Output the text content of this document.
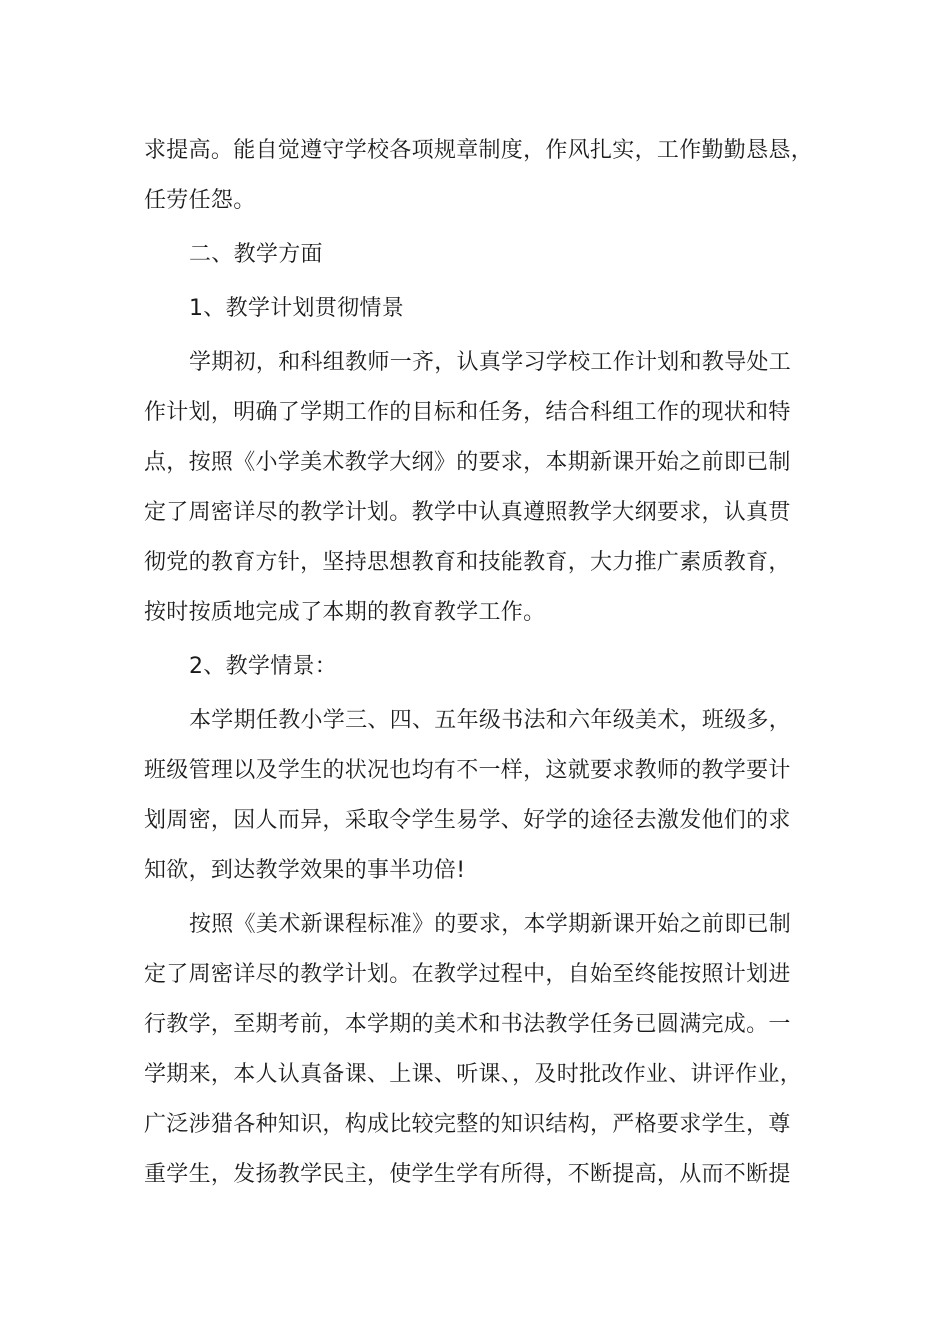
求提高。能自觉遵守学校各项规章制度，作风扎实，工作勤勤恳恳，
任劳任怨。
二、教学方面
1、教学计划贯彻情景
学期初，和科组教师一齐，认真学习学校工作计划和教导处工
作计划，明确了学期工作的目标和任务，结合科组工作的现状和特
点，按照《小学美术教学大纲》的要求，本期新课开始之前即已制
定了周密详尽的教学计划。教学中认真遵照教学大纲要求，认真贯
彻党的教育方针，坚持思想教育和技能教育，大力推广素质教育，
按时按质地完成了本期的教育教学工作。
2、教学情景：
本学期任教小学三、四、五年级书法和六年级美术，班级多，
班级管理以及学生的状况也均有不一样，这就要求教师的教学要计
划周密，因人而异，采取令学生易学、好学的途径去激发他们的求
知欲，到达教学效果的事半功倍!
按照《美术新课程标准》的要求，本学期新课开始之前即已制
定了周密详尽的教学计划。在教学过程中，自始至终能按照计划进
行教学，至期考前，本学期的美术和书法教学任务已圆满完成。一
学期来，本人认真备课、上课、听课、，及时批改作业、讲评作业，
广泛涉猎各种知识，构成比较完整的知识结构，严格要求学生，尊
重学生，发扬教学民主，使学生学有所得，不断提高，从而不断提
